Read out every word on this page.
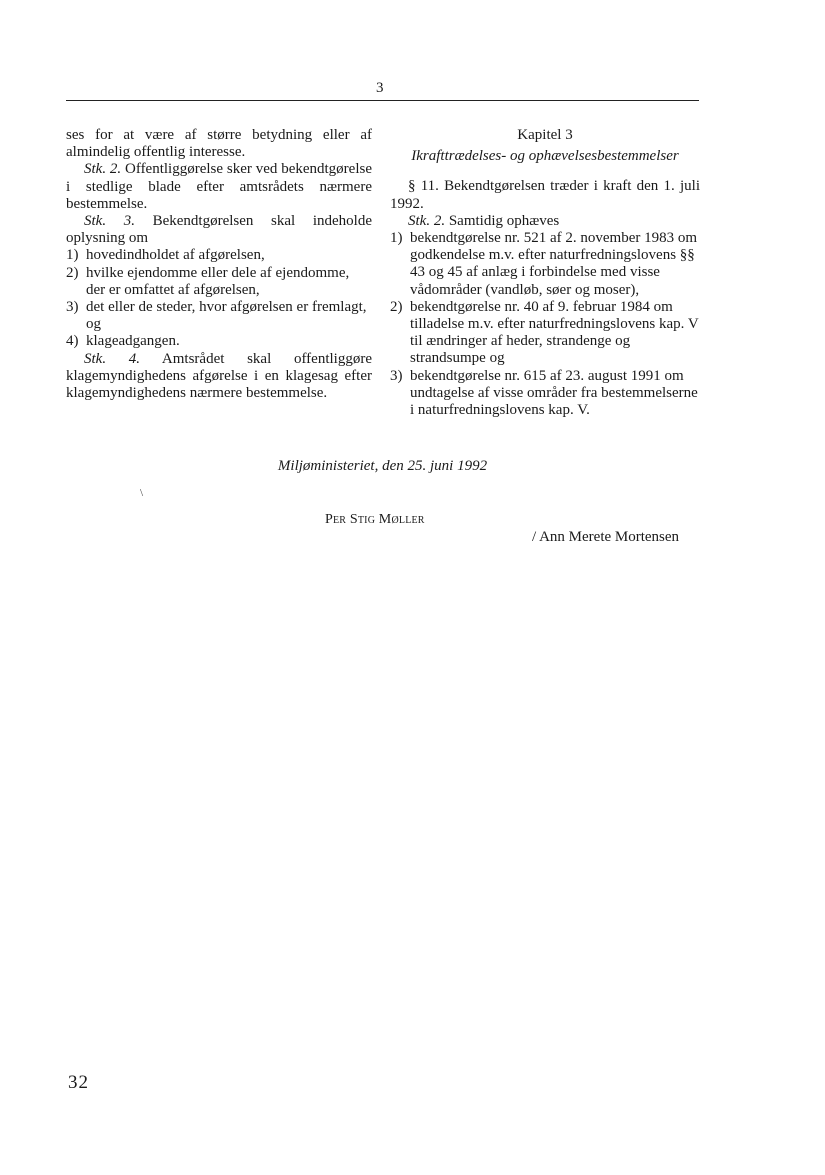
3

ses for at være af større betydning eller af almindelig offentlig interesse.

Stk. 2. Offentliggørelse sker ved bekendtgørelse i stedlige blade efter amtsrådets nærmere bestemmelse.

Stk. 3. Bekendtgørelsen skal indeholde oplysning om

1) hovedindholdet af afgørelsen,
2) hvilke ejendomme eller dele af ejendomme, der er omfattet af afgørelsen,
3) det eller de steder, hvor afgørelsen er fremlagt, og
4) klageadgangen.

Stk. 4. Amtsrådet skal offentliggøre klagemyndighedens afgørelse i en klagesag efter klagemyndighedens nærmere bestemmelse.

Kapitel 3

Ikrafttrædelses- og ophævelsesbestemmelser

§ 11. Bekendtgørelsen træder i kraft den 1. juli 1992.

Stk. 2. Samtidig ophæves

1) bekendtgørelse nr. 521 af 2. november 1983 om godkendelse m.v. efter naturfredningslovens §§ 43 og 45 af anlæg i forbindelse med visse vådområder (vandløb, søer og moser),
2) bekendtgørelse nr. 40 af 9. februar 1984 om tilladelse m.v. efter naturfredningslovens kap. V til ændringer af heder, strandenge og strandsumpe og
3) bekendtgørelse nr. 615 af 23. august 1991 om undtagelse af visse områder fra bestemmelserne i naturfredningslovens kap. V.
Miljøministeriet, den 25. juni 1992
\
Per Stig Møller
/ Ann Merete Mortensen
32
